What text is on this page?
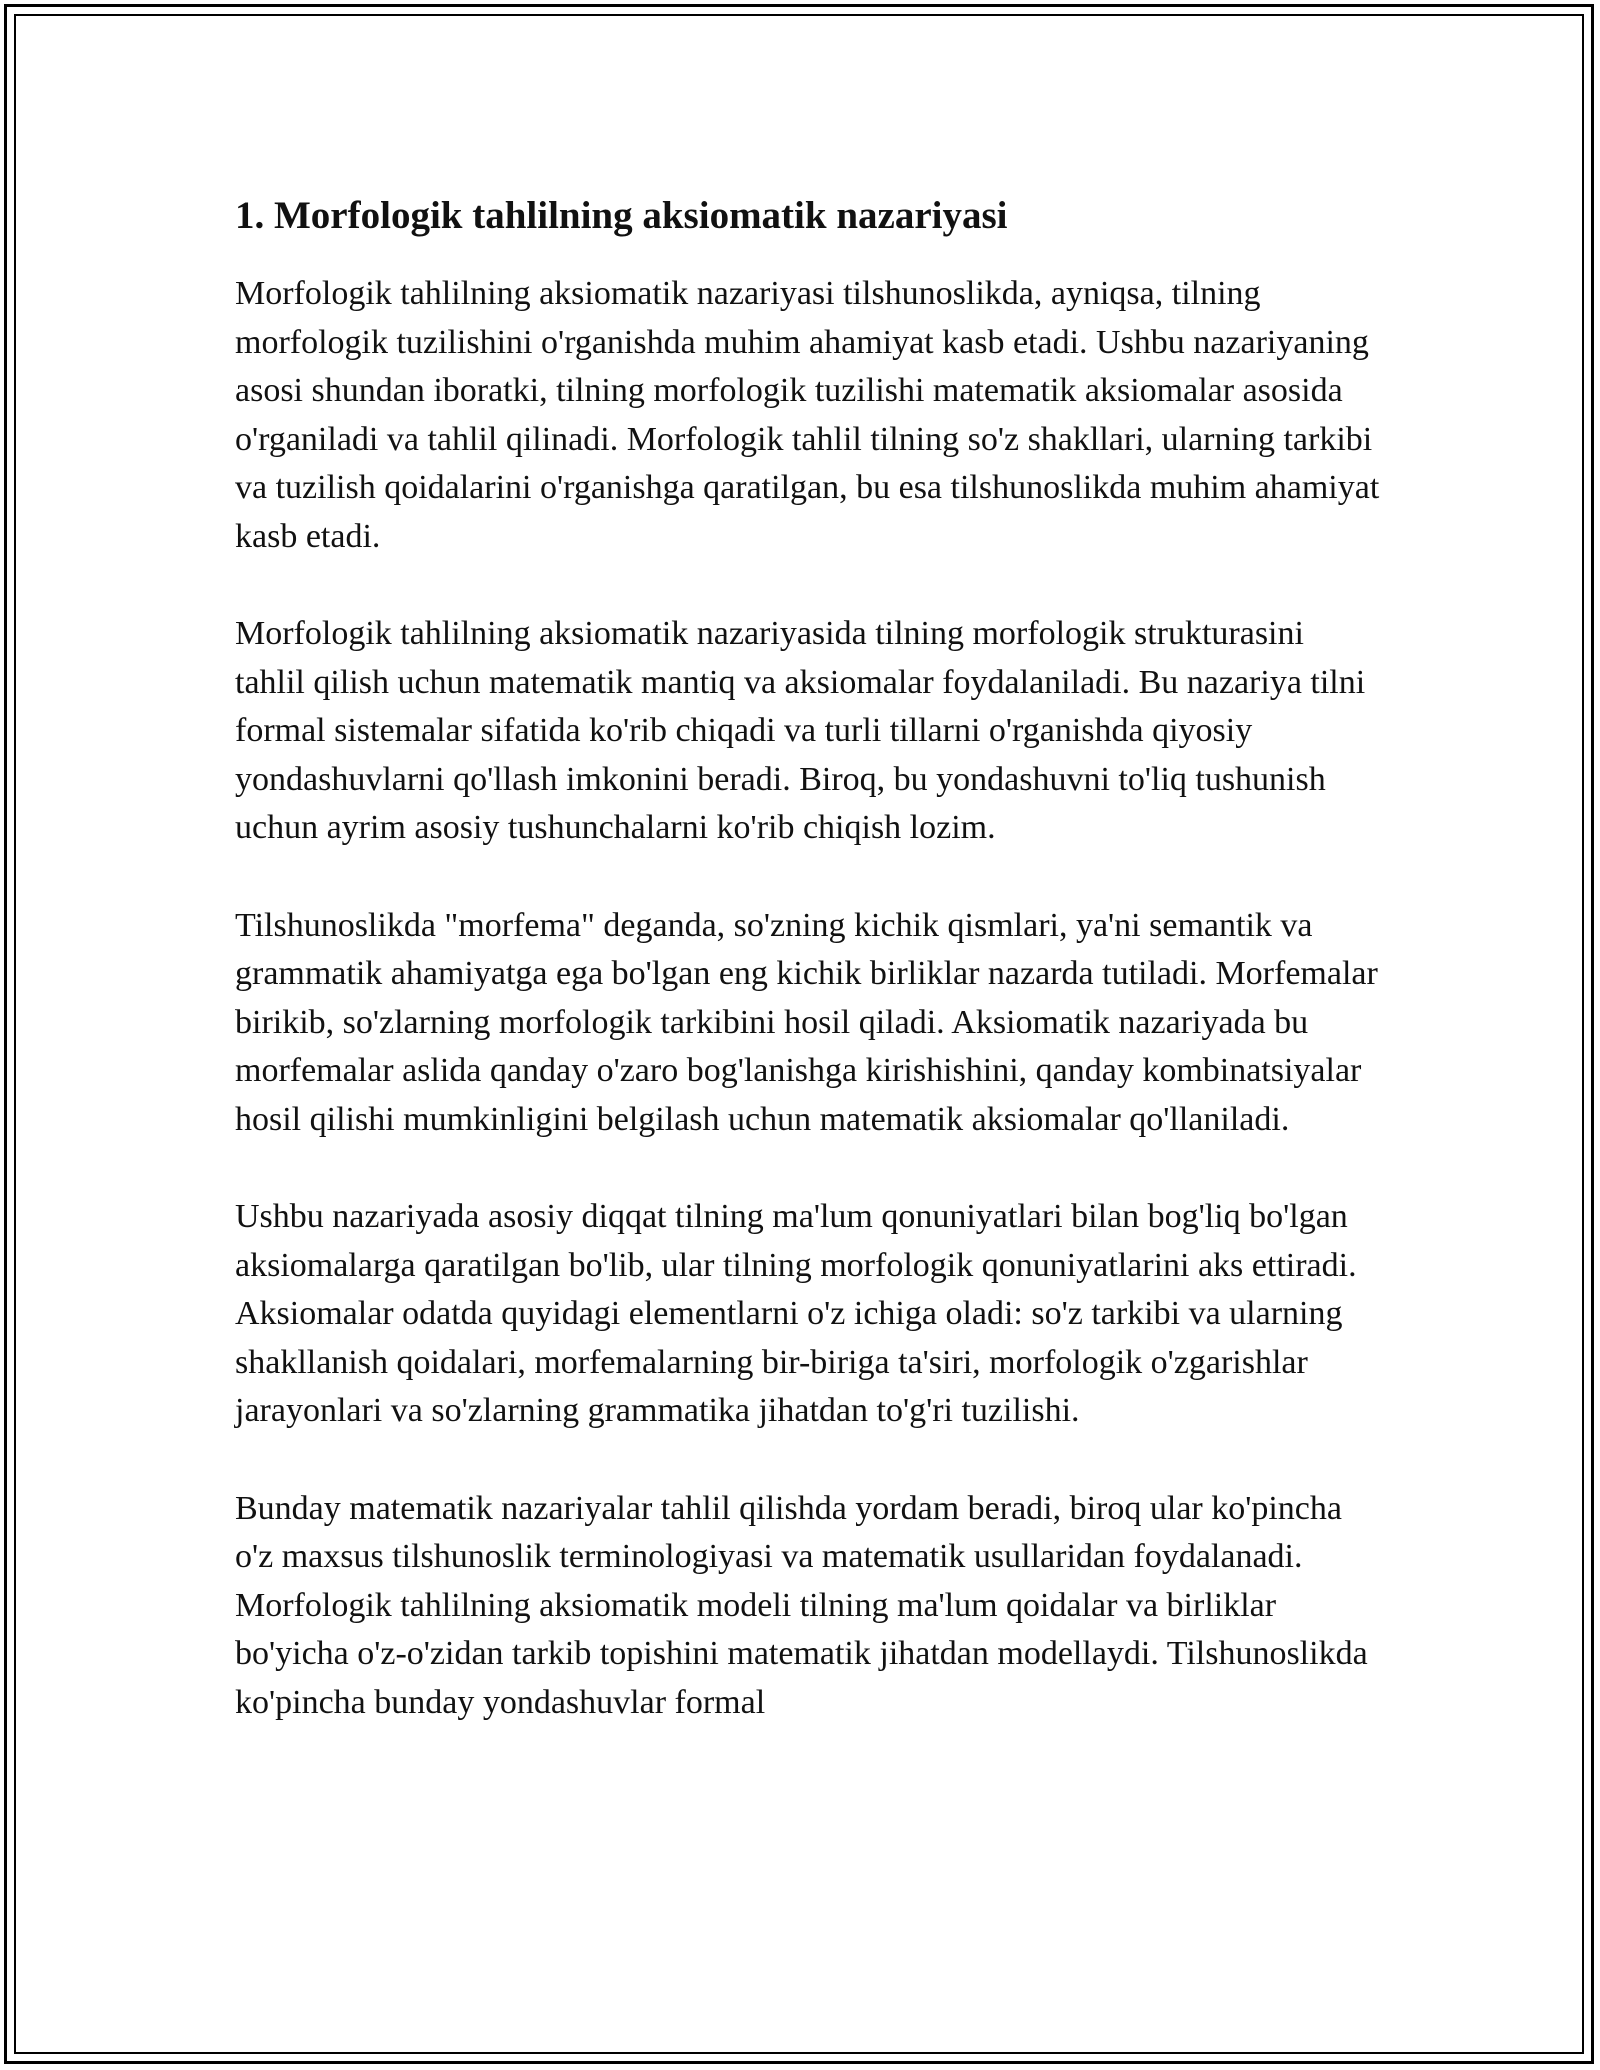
1. Morfologik tahlilning aksiomatik nazariyasi

Morfologik tahlilning aksiomatik nazariyasi tilshunoslikda, ayniqsa, tilning morfologik tuzilishini o'rganishda muhim ahamiyat kasb etadi. Ushbu nazariyaning asosi shundan iboratki, tilning morfologik tuzilishi matematik aksiomalar asosida o'rganiladi va tahlil qilinadi. Morfologik tahlil tilning so'z shakllari, ularning tarkibi va tuzilish qoidalarini o'rganishga qaratilgan, bu esa tilshunoslikda muhim ahamiyat kasb etadi.

Morfologik tahlilning aksiomatik nazariyasida tilning morfologik strukturasini tahlil qilish uchun matematik mantiq va aksiomalar foydalaniladi. Bu nazariya tilni formal sistemalar sifatida ko'rib chiqadi va turli tillarni o'rganishda qiyosiy yondashuvlarni qo'llash imkonini beradi. Biroq, bu yondashuvni to'liq tushunish uchun ayrim asosiy tushunchalarni ko'rib chiqish lozim.

Tilshunoslikda "morfema" deganda, so'zning kichik qismlari, ya'ni semantik va grammatik ahamiyatga ega bo'lgan eng kichik birliklar nazarda tutiladi. Morfemalar birikib, so'zlarning morfologik tarkibini hosil qiladi. Aksiomatik nazariyada bu morfemalar aslida qanday o'zaro bog'lanishga kirishishini, qanday kombinatsiyalar hosil qilishi mumkinligini belgilash uchun matematik aksiomalar qo'llaniladi.

Ushbu nazariyada asosiy diqqat tilning ma'lum qonuniyatlari bilan bog'liq bo'lgan aksiomalarga qaratilgan bo'lib, ular tilning morfologik qonuniyatlarini aks ettiradi. Aksiomalar odatda quyidagi elementlarni o'z ichiga oladi: so'z tarkibi va ularning shakllanish qoidalari, morfemalarning bir-biriga ta'siri, morfologik o'zgarishlar jarayonlari va so'zlarning grammatika jihatdan to'g'ri tuzilishi.

Bunday matematik nazariyalar tahlil qilishda yordam beradi, biroq ular ko'pincha o'z maxsus tilshunoslik terminologiyasi va matematik usullaridan foydalanadi. Morfologik tahlilning aksiomatik modeli tilning ma'lum qoidalar va birliklar bo'yicha o'z-o'zidan tarkib topishini matematik jihatdan modellaydi. Tilshunoslikda ko'pincha bunday yondashuvlar formal
